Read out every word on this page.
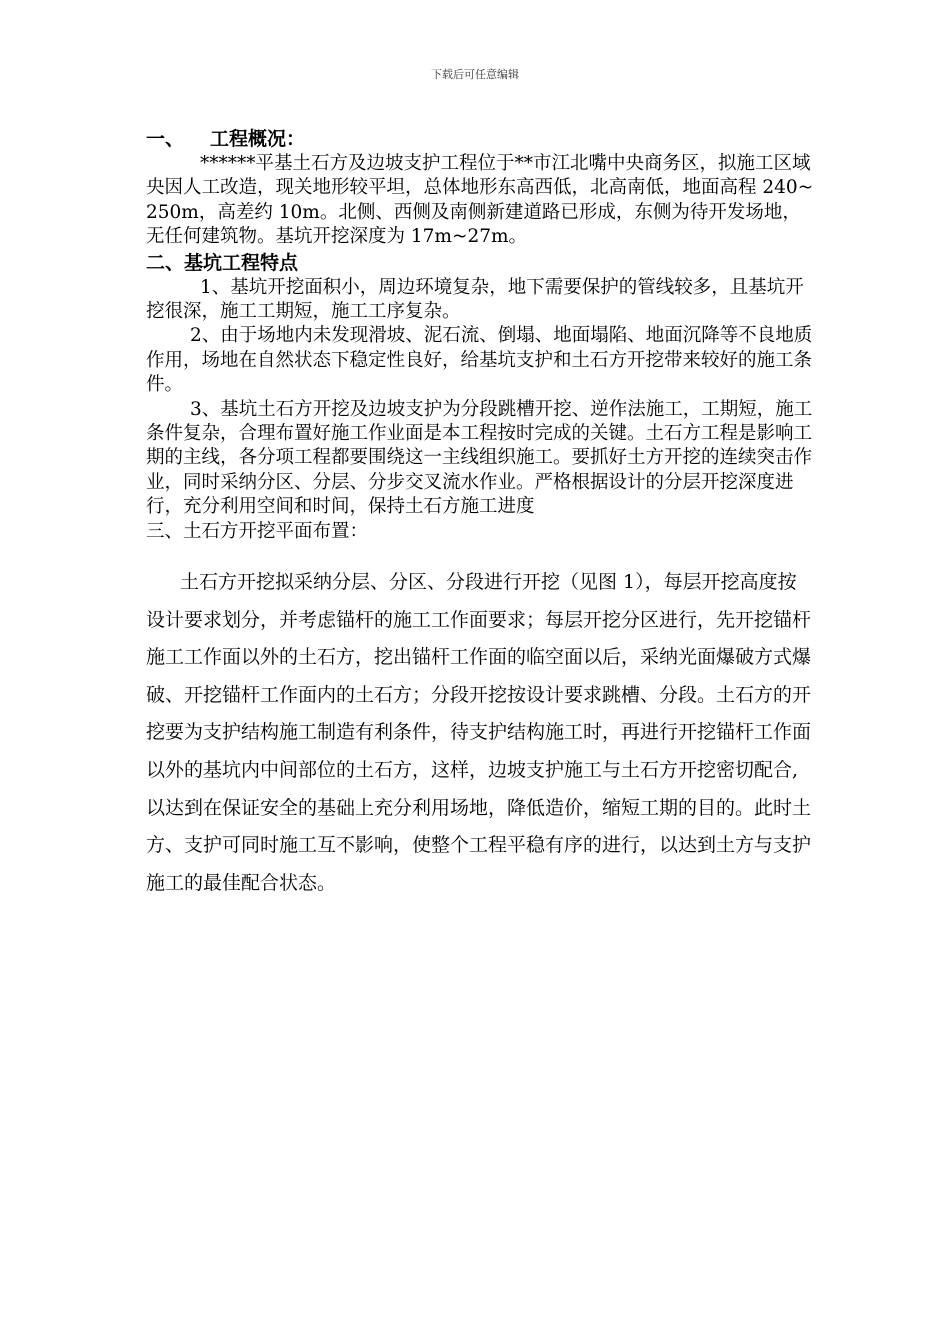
下载后可任意编辑
一、 工程概况：

******平基土石方及边坡支护工程位于**市江北嘴中央商务区，拟施工区域央因人工改造，现关地形较平坦，总体地形东高西低，北高南低，地面高程 240~250m，高差约 10m。北侧、西侧及南侧新建道路已形成，东侧为待开发场地，无任何建筑物。基坑开挖深度为 17m~27m。

二、基坑工程特点

1、基坑开挖面积小，周边环境复杂，地下需要保护的管线较多，且基坑开挖很深，施工工期短，施工工序复杂。

2、由于场地内未发现滑坡、泥石流、倒塌、地面塌陷、地面沉降等不良地质作用，场地在自然状态下稳定性良好，给基坑支护和土石方开挖带来较好的施工条件。

3、基坑土石方开挖及边坡支护为分段跳槽开挖、逆作法施工，工期短，施工条件复杂，合理布置好施工作业面是本工程按时完成的关键。土石方工程是影响工期的主线，各分项工程都要围绕这一主线组织施工。要抓好土方开挖的连续突击作业，同时采纳分区、分层、分步交叉流水作业。严格根据设计的分层开挖深度进行，充分利用空间和时间，保持土石方施工进度

三、土石方开挖平面布置：

土石方开挖拟采纳分层、分区、分段进行开挖（见图 1），每层开挖高度按设计要求划分，并考虑锚杆的施工工作面要求；每层开挖分区进行，先开挖锚杆施工工作面以外的土石方，挖出锚杆工作面的临空面以后，采纳光面爆破方式爆破、开挖锚杆工作面内的土石方；分段开挖按设计要求跳槽、分段。土石方的开挖要为支护结构施工制造有利条件，待支护结构施工时，再进行开挖锚杆工作面以外的基坑内中间部位的土石方，这样，边坡支护施工与土石方开挖密切配合,以达到在保证安全的基础上充分利用场地，降低造价，缩短工期的目的。此时土方、支护可同时施工互不影响，使整个工程平稳有序的进行，以达到土方与支护施工的最佳配合状态。
